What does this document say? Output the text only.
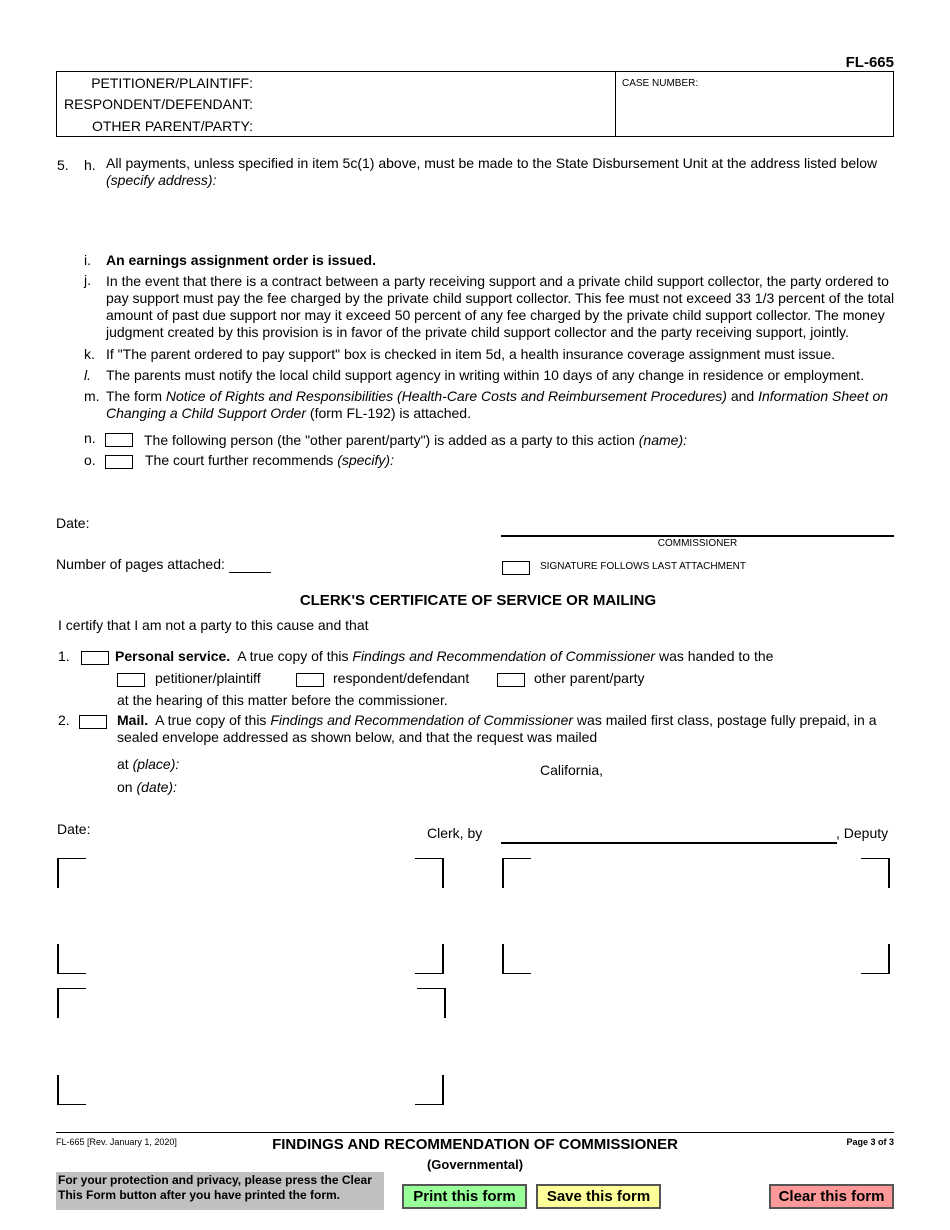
FL-665
PETITIONER/PLAINTIFF:
RESPONDENT/DEFENDANT:
OTHER PARENT/PARTY:
CASE NUMBER:
5. h. All payments, unless specified in item 5c(1) above, must be made to the State Disbursement Unit at the address listed below
(specify address):
i. An earnings assignment order is issued.
j. In the event that there is a contract between a party receiving support and a private child support collector, the party ordered to pay support must pay the fee charged by the private child support collector. This fee must not exceed 33 1/3 percent of the total amount of past due support nor may it exceed 50 percent of any fee charged by the private child support collector. The money judgment created by this provision is in favor of the private child support collector and the party receiving support, jointly.
k. If "The parent ordered to pay support" box is checked in item 5d, a health insurance coverage assignment must issue.
l. The parents must notify the local child support agency in writing within 10 days of any change in residence or employment.
m. The form Notice of Rights and Responsibilities (Health-Care Costs and Reimbursement Procedures) and Information Sheet on Changing a Child Support Order (form FL-192) is attached.
n.	The following person (the "other parent/party") is added as a party to this action (name):
o.	The court further recommends (specify):
Date:
COMMISSIONER
Number of pages attached:	SIGNATURE FOLLOWS LAST ATTACHMENT
CLERK'S CERTIFICATE OF SERVICE OR MAILING
I certify that I am not a party to this cause and that
1.	Personal service. A true copy of this Findings and Recommendation of Commissioner was handed to the
petitioner/plaintiff	respondent/defendant	other parent/party
at the hearing of this matter before the commissioner.
2.	Mail. A true copy of this Findings and Recommendation of Commissioner was mailed first class, postage fully prepaid, in a sealed envelope addressed as shown below, and that the request was mailed
at (place):	California,
on (date):
Date:	Clerk, by	, Deputy
FL-665 [Rev. January 1, 2020]	FINDINGS AND RECOMMENDATION OF COMMISSIONER
(Governmental)
Page 3 of 3
For your protection and privacy, please press the Clear This Form button after you have printed the form.	Print this form	Save this form	Clear this form
